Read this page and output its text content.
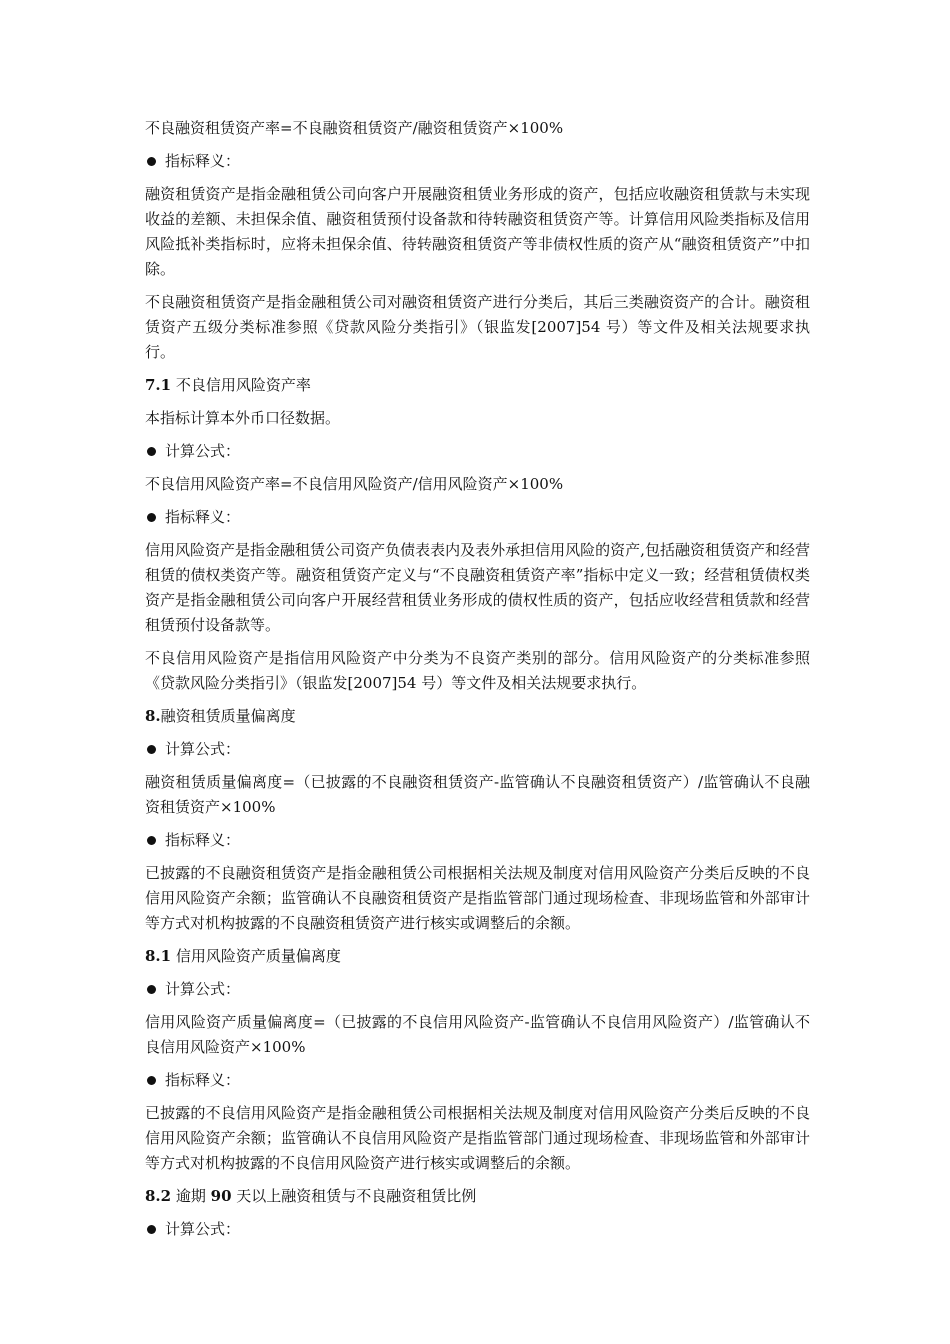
不良融资租赁资产率=不良融资租赁资产/融资租赁资产×100%

指标释义：

融资租赁资产是指金融租赁公司向客户开展融资租赁业务形成的资产，包括应收融资租赁款与未实现收益的差额、未担保余值、融资租赁预付设备款和待转融资租赁资产等。计算信用风险类指标及信用风险抵补类指标时，应将未担保余值、待转融资租赁资产等非债权性质的资产从“融资租赁资产”中扣除。

不良融资租赁资产是指金融租赁公司对融资租赁资产进行分类后，其后三类融资资产的合计。融资租赁资产五级分类标准参照《贷款风险分类指引》（银监发[2007]54 号）等文件及相关法规要求执行。

7.1 不良信用风险资产率

本指标计算本外币口径数据。

计算公式：

不良信用风险资产率=不良信用风险资产/信用风险资产×100%

指标释义：

信用风险资产是指金融租赁公司资产负债表表内及表外承担信用风险的资产,包括融资租赁资产和经营租赁的债权类资产等。融资租赁资产定义与“不良融资租赁资产率”指标中定义一致；经营租赁债权类资产是指金融租赁公司向客户开展经营租赁业务形成的债权性质的资产，包括应收经营租赁款和经营租赁预付设备款等。

不良信用风险资产是指信用风险资产中分类为不良资产类别的部分。信用风险资产的分类标准参照《贷款风险分类指引》（银监发[2007]54 号）等文件及相关法规要求执行。

8.融资租赁质量偏离度

计算公式：

融资租赁质量偏离度=（已披露的不良融资租赁资产-监管确认不良融资租赁资产）/监管确认不良融资租赁资产×100%

指标释义：

已披露的不良融资租赁资产是指金融租赁公司根据相关法规及制度对信用风险资产分类后反映的不良信用风险资产余额；监管确认不良融资租赁资产是指监管部门通过现场检查、非现场监管和外部审计等方式对机构披露的不良融资租赁资产进行核实或调整后的余额。

8.1 信用风险资产质量偏离度

计算公式：

信用风险资产质量偏离度=（已披露的不良信用风险资产-监管确认不良信用风险资产）/监管确认不良信用风险资产×100%

指标释义：

已披露的不良信用风险资产是指金融租赁公司根据相关法规及制度对信用风险资产分类后反映的不良信用风险资产余额；监管确认不良信用风险资产是指监管部门通过现场检查、非现场监管和外部审计等方式对机构披露的不良信用风险资产进行核实或调整后的余额。

8.2 逾期 90 天以上融资租赁与不良融资租赁比例

计算公式：
